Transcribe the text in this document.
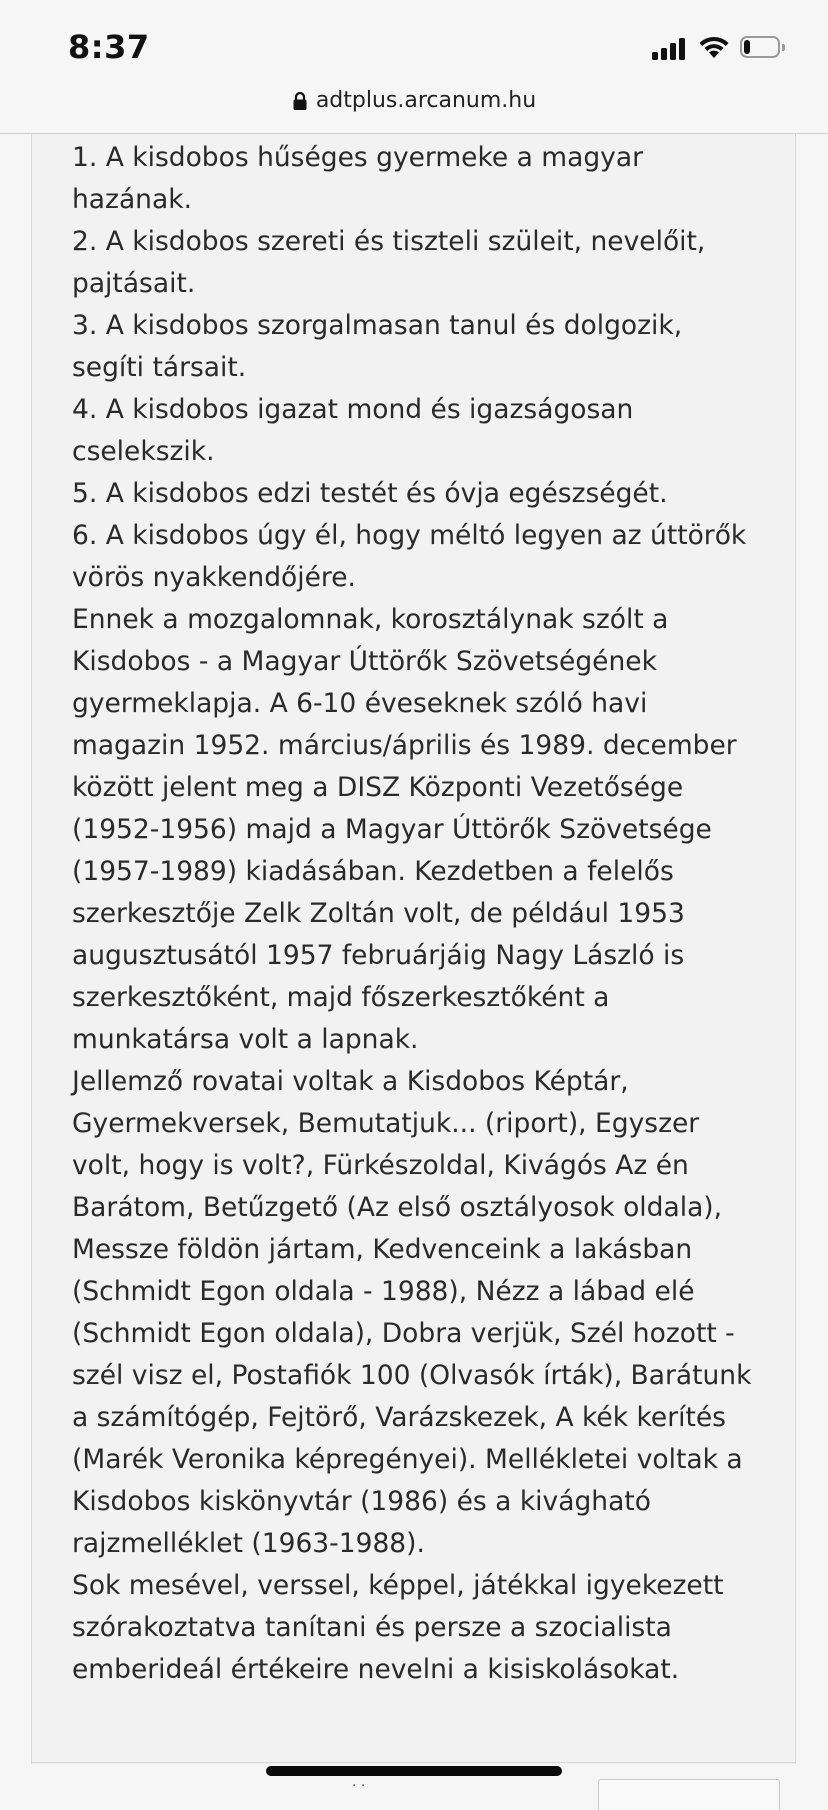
8:37
adtplus.arcanum.hu

1. A kisdobos hűséges gyermeke a magyar hazának.

2. A kisdobos szereti és tiszteli szüleit, nevelőit, pajtásait.

3. A kisdobos szorgalmasan tanul és dolgozik, segíti társait.

4. A kisdobos igazat mond és igazságosan cselekszik.

5. A kisdobos edzi testét és óvja egészségét.

6. A kisdobos úgy él, hogy méltó legyen az úttörők vörös nyakkendőjére.

Ennek a mozgalomnak, korosztálynak szólt a Kisdobos - a Magyar Úttörők Szövetségének gyermeklapja. A 6-10 éveseknek szóló havi magazin 1952. március/április és 1989. december között jelent meg a DISZ Központi Vezetősége (1952-1956) majd a Magyar Úttörők Szövetsége (1957-1989) kiadásában. Kezdetben a felelős szerkesztője Zelk Zoltán volt, de például 1953 augusztusától 1957 februárjáig Nagy László is szerkesztőként, majd főszerkesztőként a munkatársa volt a lapnak.

Jellemző rovatai voltak a Kisdobos Képtár, Gyermekversek, Bemutatjuk... (riport), Egyszer volt, hogy is volt?, Fürkészoldal, Kivágós Az én Barátom, Betűzgető (Az első osztályosok oldala), Messze földön jártam, Kedvenceink a lakásban (Schmidt Egon oldala - 1988), Nézz a lábad elé (Schmidt Egon oldala), Dobra verjük, Szél hozott - szél visz el, Postafiók 100 (Olvasók írták), Barátunk a számítógép, Fejtörő, Varázskezek, A kék kerítés (Marék Veronika képregényei). Mellékletei voltak a Kisdobos kiskönyvtár (1986) és a kivágható rajzmelléklet (1963-1988).

Sok mesével, verssel, képpel, játékkal igyekezett szórakoztatva tanítani és persze a szocialista emberideál értékeire nevelni a kisiskolásokat.

· ·
